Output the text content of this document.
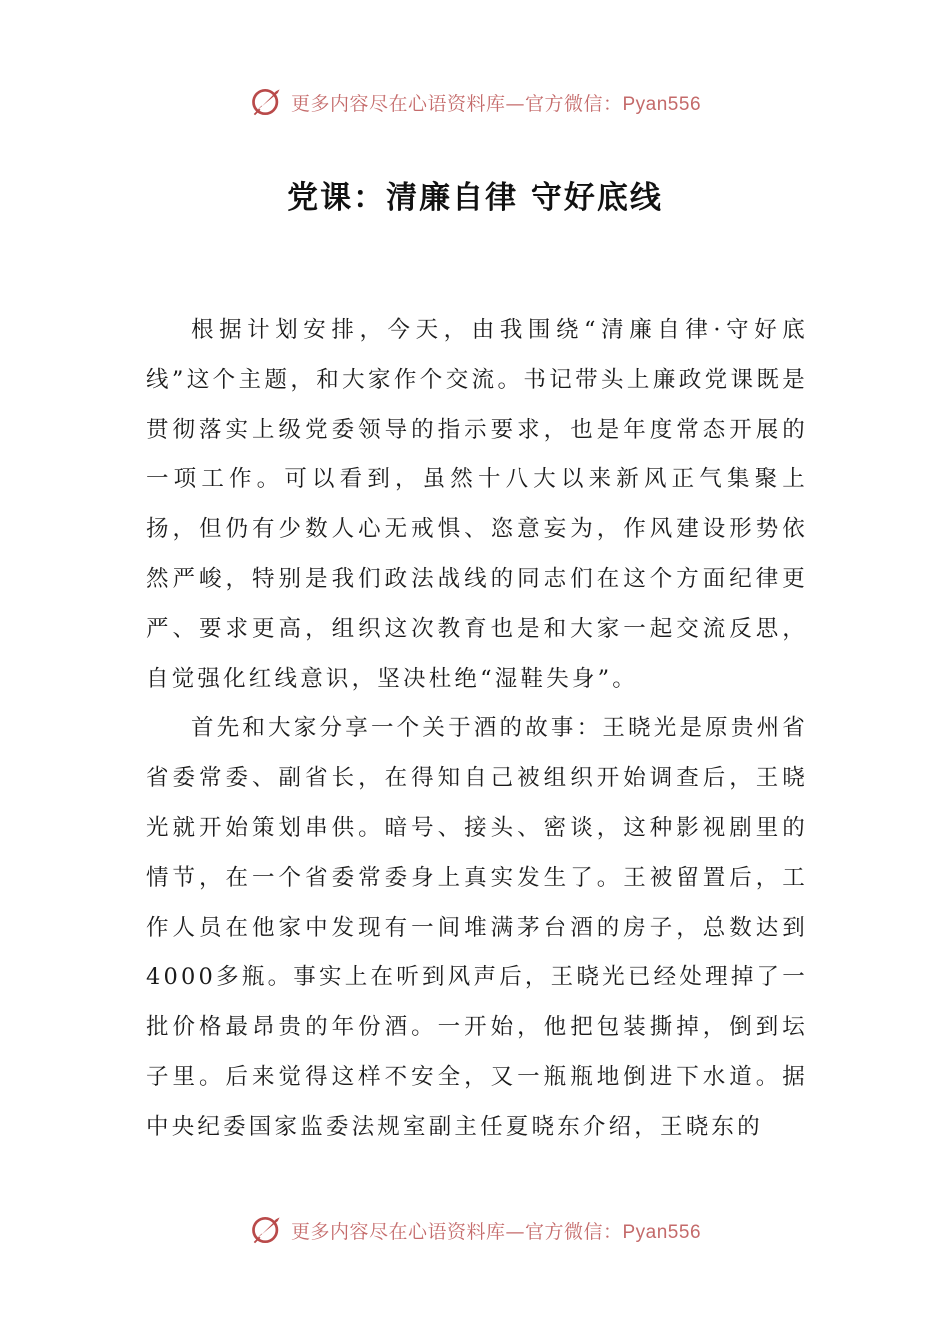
更多内容尽在心语资料库—官方微信：Pyan556
党课：清廉自律 守好底线

根据计划安排，今天，由我围绕“清廉自律·守好底线”这个主题，和大家作个交流。书记带头上廉政党课既是贯彻落实上级党委领导的指示要求，也是年度常态开展的一项工作。可以看到，虽然十八大以来新风正气集聚上扬，但仍有少数人心无戒惧、恣意妄为，作风建设形势依然严峻，特别是我们政法战线的同志们在这个方面纪律更严、要求更高，组织这次教育也是和大家一起交流反思，自觉强化红线意识，坚决杜绝“湿鞋失身”。

首先和大家分享一个关于酒的故事：王晓光是原贵州省省委常委、副省长，在得知自己被组织开始调查后，王晓光就开始策划串供。暗号、接头、密谈，这种影视剧里的情节，在一个省委常委身上真实发生了。王被留置后，工作人员在他家中发现有一间堆满茅台酒的房子，总数达到4000多瓶。事实上在听到风声后，王晓光已经处理掉了一批价格最昂贵的年份酒。一开始，他把包装撕掉，倒到坛子里。后来觉得这样不安全，又一瓶瓶地倒进下水道。据中央纪委国家监委法规室副主任夏晓东介绍，王晓东的

更多内容尽在心语资料库—官方微信：Pyan556
